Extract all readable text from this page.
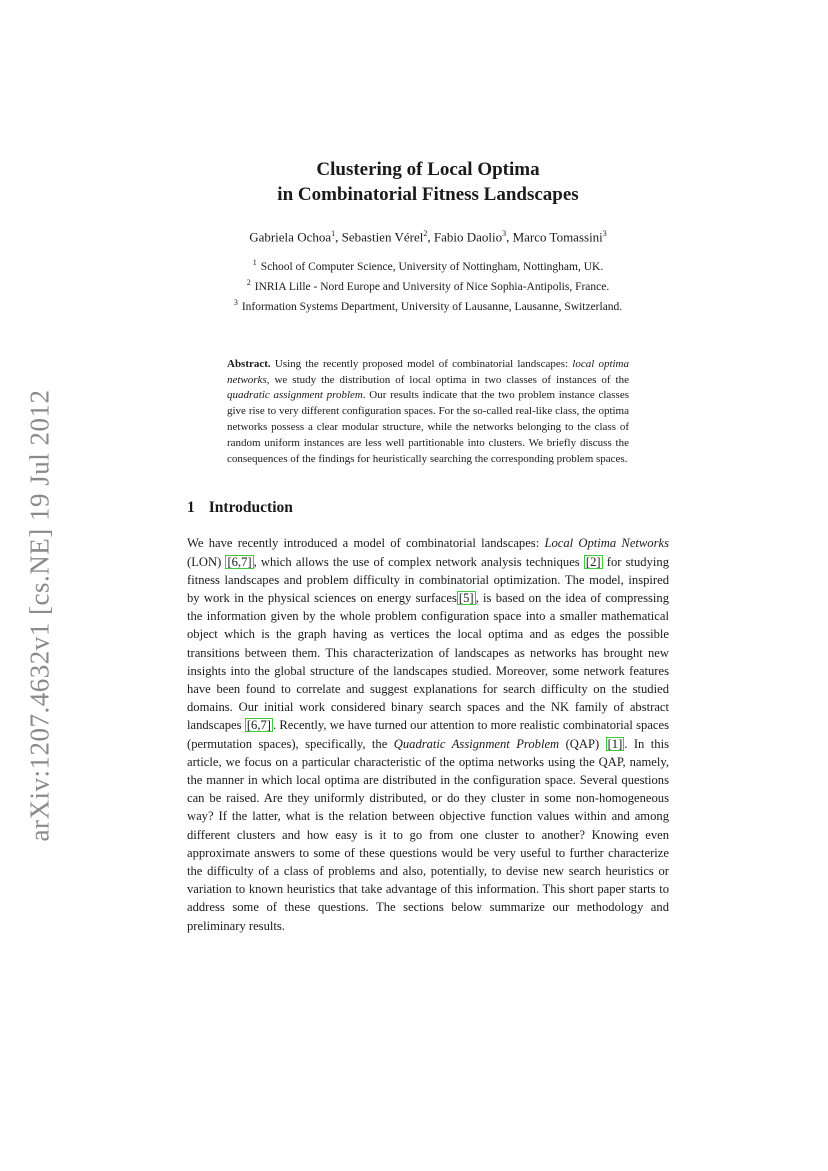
arXiv:1207.4632v1 [cs.NE] 19 Jul 2012
Clustering of Local Optima
in Combinatorial Fitness Landscapes
Gabriela Ochoa$^1$, Sebastien Vérel$^2$, Fabio Daolio$^3$, Marco Tomassini$^3$
$^1$ School of Computer Science, University of Nottingham, Nottingham, UK.
$^2$ INRIA Lille - Nord Europe and University of Nice Sophia-Antipolis, France.
$^3$ Information Systems Department, University of Lausanne, Lausanne, Switzerland.
Abstract. Using the recently proposed model of combinatorial landscapes: local optima networks, we study the distribution of local optima in two classes of instances of the quadratic assignment problem. Our results indicate that the two problem instance classes give rise to very different configuration spaces. For the so-called real-like class, the optima networks possess a clear modular structure, while the networks belonging to the class of random uniform instances are less well partitionable into clusters. We briefly discuss the consequences of the findings for heuristically searching the corresponding problem spaces.
1 Introduction

We have recently introduced a model of combinatorial landscapes: Local Optima Networks (LON) [6,7] , which allows the use of complex network analysis techniques [2] for studying fitness landscapes and problem difficulty in combinatorial optimization. The model, inspired by work in the physical sciences on energy surfaces [5] , is based on the idea of compressing the information given by the whole problem configuration space into a smaller mathematical object which is the graph having as vertices the local optima and as edges the possible transitions between them. This characterization of landscapes as networks has brought new insights into the global structure of the landscapes studied. Moreover, some network features have been found to correlate and suggest explanations for search difficulty on the studied domains. Our initial work considered binary search spaces and the NK family of abstract landscapes [6,7] . Recently, we have turned our attention to more realistic combinatorial spaces (permutation spaces), specifically, the Quadratic Assignment Problem (QAP) [1] . In this article, we focus on a particular characteristic of the optima networks using the QAP, namely, the manner in which local optima are distributed in the configuration space. Several questions can be raised. Are they uniformly distributed, or do they cluster in some non-homogeneous way? If the latter, what is the relation between objective function values within and among different clusters and how easy is it to go from one cluster to another? Knowing even approximate answers to some of these questions would be very useful to further characterize the difficulty of a class of problems and also, potentially, to devise new search heuristics or variation to known heuristics that take advantage of this information. This short paper starts to address some of these questions. The sections below summarize our methodology and preliminary results.
